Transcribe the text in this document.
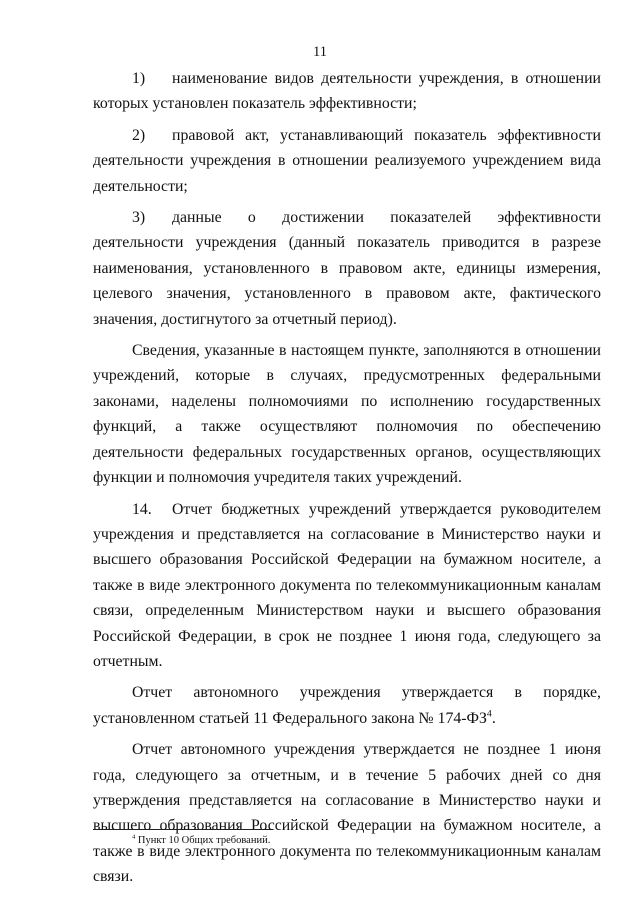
11

1) наименование видов деятельности учреждения, в отношении которых установлен показатель эффективности;

2) правовой акт, устанавливающий показатель эффективности деятельности учреждения в отношении реализуемого учреждением вида деятельности;

3) данные о достижении показателей эффективности деятельности учреждения (данный показатель приводится в разрезе наименования, установленного в правовом акте, единицы измерения, целевого значения, установленного в правовом акте, фактического значения, достигнутого за отчетный период).

Сведения, указанные в настоящем пункте, заполняются в отношении учреждений, которые в случаях, предусмотренных федеральными законами, наделены полномочиями по исполнению государственных функций, а также осуществляют полномочия по обеспечению деятельности федеральных государственных органов, осуществляющих функции и полномочия учредителя таких учреждений.

14. Отчет бюджетных учреждений утверждается руководителем учреждения и представляется на согласование в Министерство науки и высшего образования Российской Федерации на бумажном носителе, а также в виде электронного документа по телекоммуникационным каналам связи, определенным Министерством науки и высшего образования Российской Федерации, в срок не позднее 1 июня года, следующего за отчетным.

Отчет автономного учреждения утверждается в порядке, установленном статьей 11 Федерального закона № $174-ФЗ^4$.

Отчет автономного учреждения утверждается не позднее 1 июня года, следующего за отчетным, и в течение 5 рабочих дней со дня утверждения представляется на согласование в Министерство науки и высшего образования Российской Федерации на бумажном носителе, а также в виде электронного документа по телекоммуникационным каналам связи.

$^4$ Пункт 10 Общих требований.
